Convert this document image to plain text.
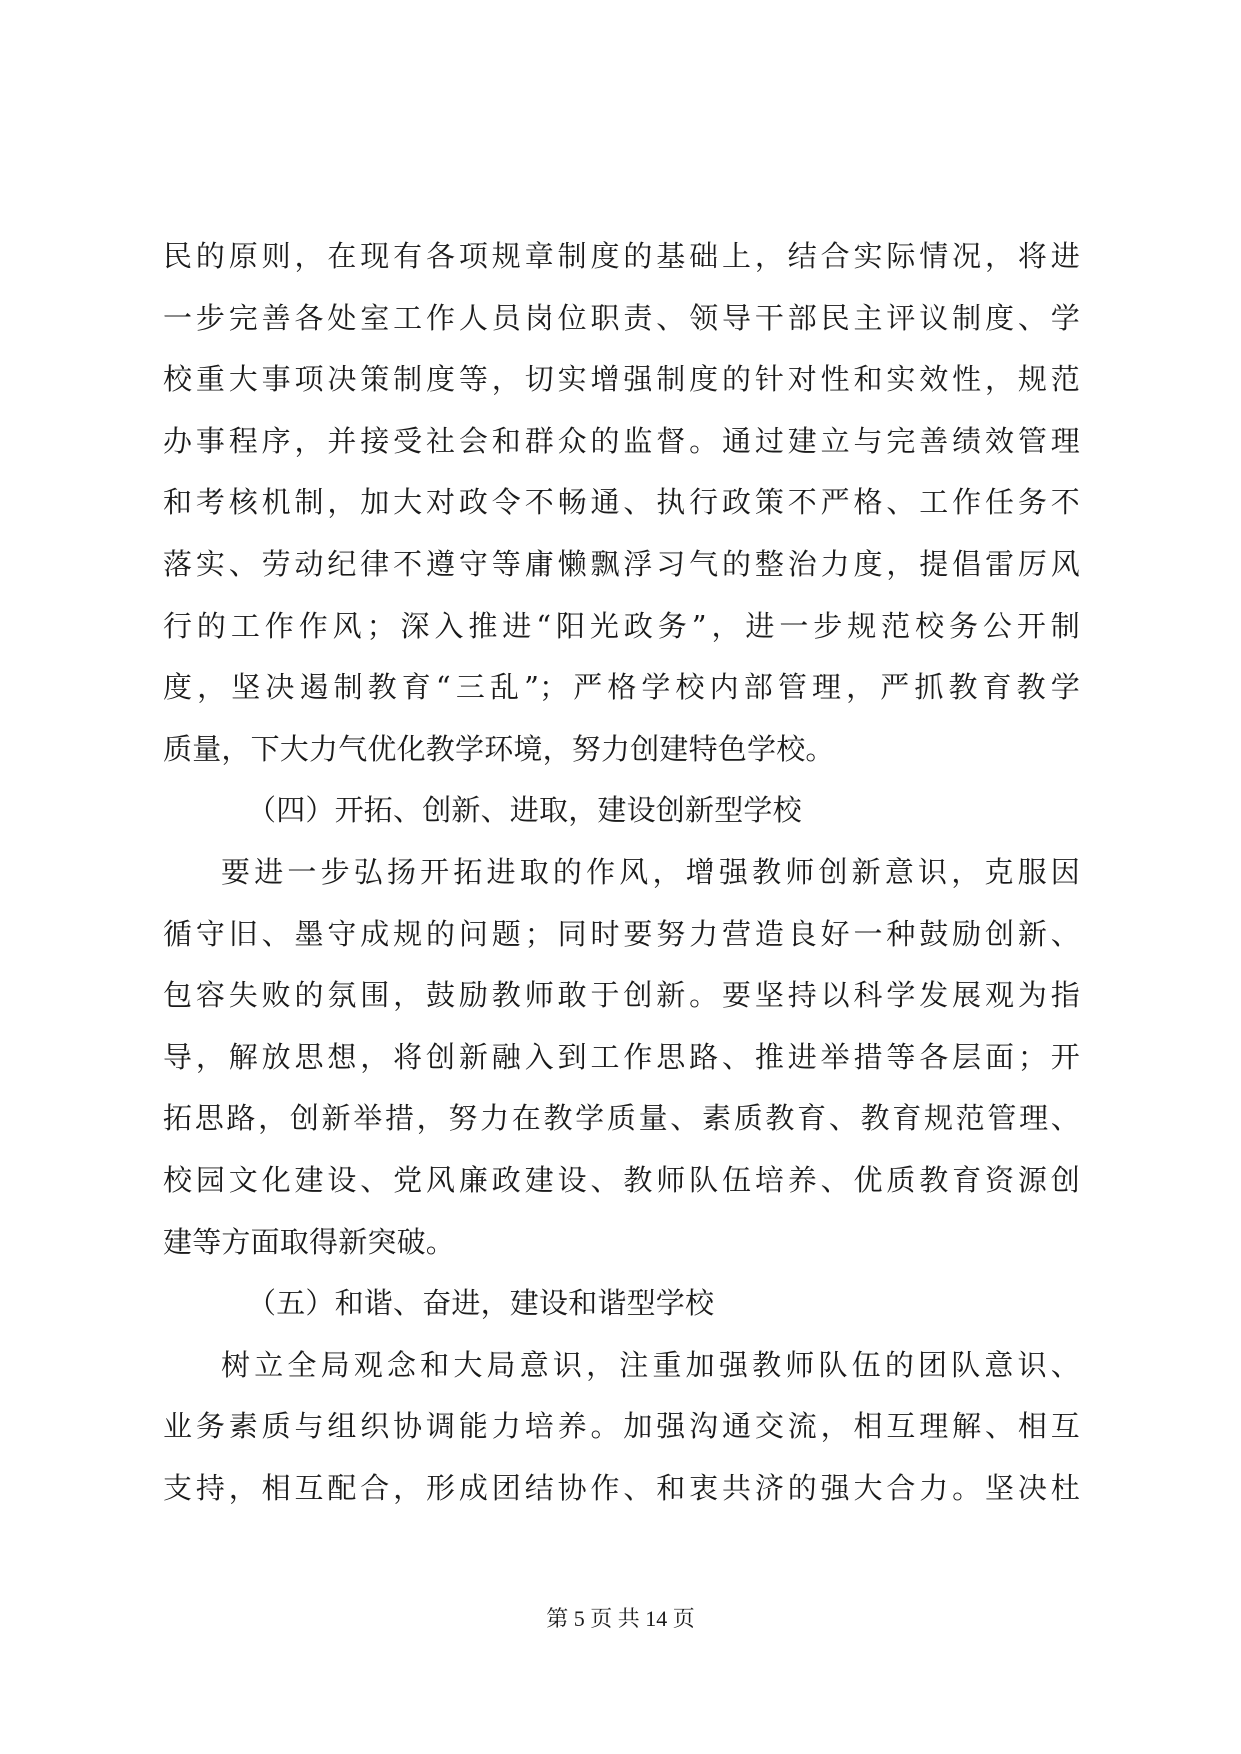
民的原则，在现有各项规章制度的基础上，结合实际情况，将进
一步完善各处室工作人员岗位职责、领导干部民主评议制度、学
校重大事项决策制度等，切实增强制度的针对性和实效性，规范
办事程序，并接受社会和群众的监督。通过建立与完善绩效管理
和考核机制，加大对政令不畅通、执行政策不严格、工作任务不
落实、劳动纪律不遵守等庸懒飘浮习气的整治力度，提倡雷厉风
行的工作作风；深入推进“阳光政务”，进一步规范校务公开制
度，坚决遏制教育“三乱”；严格学校内部管理，严抓教育教学
质量，下大力气优化教学环境，努力创建特色学校。
（四）开拓、创新、进取，建设创新型学校
要进一步弘扬开拓进取的作风，增强教师创新意识，克服因
循守旧、墨守成规的问题；同时要努力营造良好一种鼓励创新、
包容失败的氛围，鼓励教师敢于创新。要坚持以科学发展观为指
导，解放思想，将创新融入到工作思路、推进举措等各层面；开
拓思路，创新举措，努力在教学质量、素质教育、教育规范管理、
校园文化建设、党风廉政建设、教师队伍培养、优质教育资源创
建等方面取得新突破。
（五）和谐、奋进，建设和谐型学校
树立全局观念和大局意识，注重加强教师队伍的团队意识、
业务素质与组织协调能力培养。加强沟通交流，相互理解、相互
支持，相互配合，形成团结协作、和衷共济的强大合力。坚决杜
第 5 页 共 14 页
